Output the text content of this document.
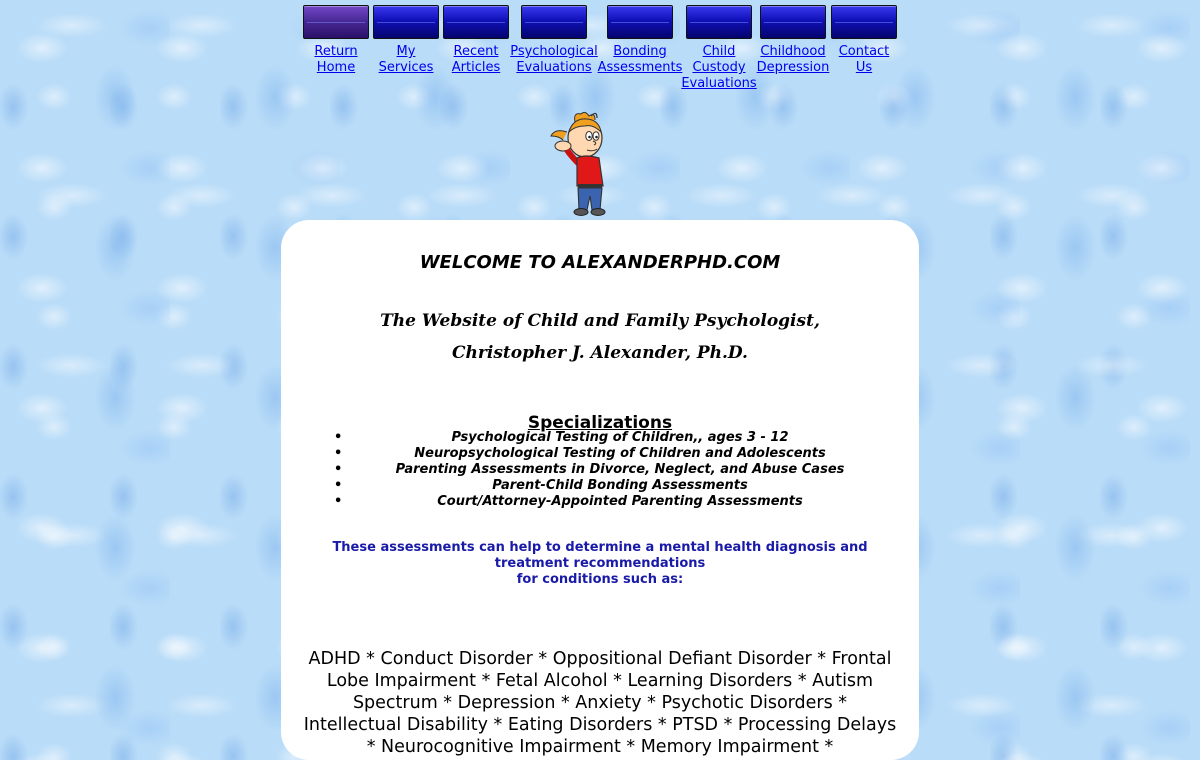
Return
Home
My
Services
Recent
Articles
Psychological
Evaluations
Bonding
Assessments
Child
Custody
Evaluations
Childhood
Depression
Contact
Us
WELCOME TO ALEXANDERPHD.COM
The Website of Child and Family Psychologist,
Christopher J. Alexander, Ph.D.
Specializations
•	Psychological Testing of Children,, ages 3 - 12
•	Neuropsychological Testing of Children and Adolescents
•	Parenting Assessments in Divorce, Neglect, and Abuse Cases
•	Parent-Child Bonding Assessments
•	Court/Attorney-Appointed Parenting Assessments
These assessments can help to determine a mental health diagnosis and
treatment recommendations
for conditions such as:

ADHD * Conduct Disorder * Oppositional Defiant Disorder * Frontal Lobe Impairment * Fetal Alcohol * Learning Disorders * Autism Spectrum * Depression * Anxiety * Psychotic Disorders * Intellectual Disability * Eating Disorders * PTSD * Processing Delays * Neurocognitive Impairment * Memory Impairment *
